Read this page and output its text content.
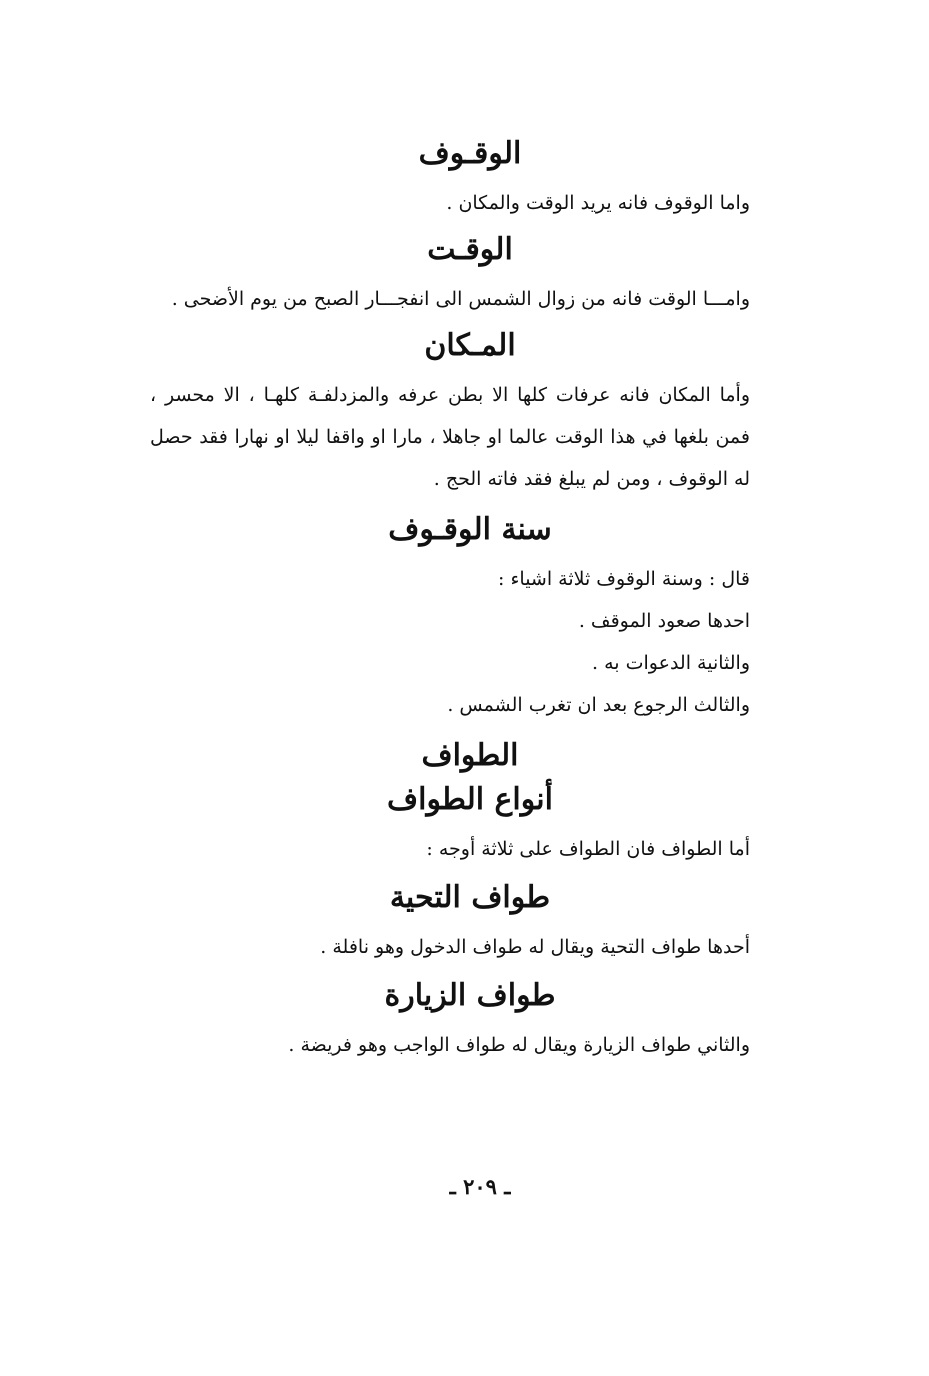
الوقـوف

واما الوقوف فانه يريد الوقت والمكان .

الوقـت

وامـــا الوقت فانه من زوال الشمس الى انفجـــار الصبح من يوم الأضحى .

المـكان

وأما المكان فانه عرفات كلها الا بطن عرفه والمزدلفـة كلهـا ، الا محسر ، فمن بلغها في هذا الوقت عالما او جاهلا ، مارا او واقفا ليلا او نهارا فقد حصل له الوقوف ، ومن لم يبلغ فقد فاته الحج .

سنة الوقـوف

قال : وسنة الوقوف ثلاثة اشياء :

احدها صعود الموقف .

والثانية الدعوات به .

والثالث الرجوع بعد ان تغرب الشمس .

الطواف
أنواع الطواف

أما الطواف فان الطواف على ثلاثة أوجه :

طواف التحية

أحدها طواف التحية ويقال له طواف الدخول وهو نافلة .

طواف الزيارة

والثاني طواف الزيارة ويقال له طواف الواجب وهو فريضة .

ـ ٢٠٩ ـ
